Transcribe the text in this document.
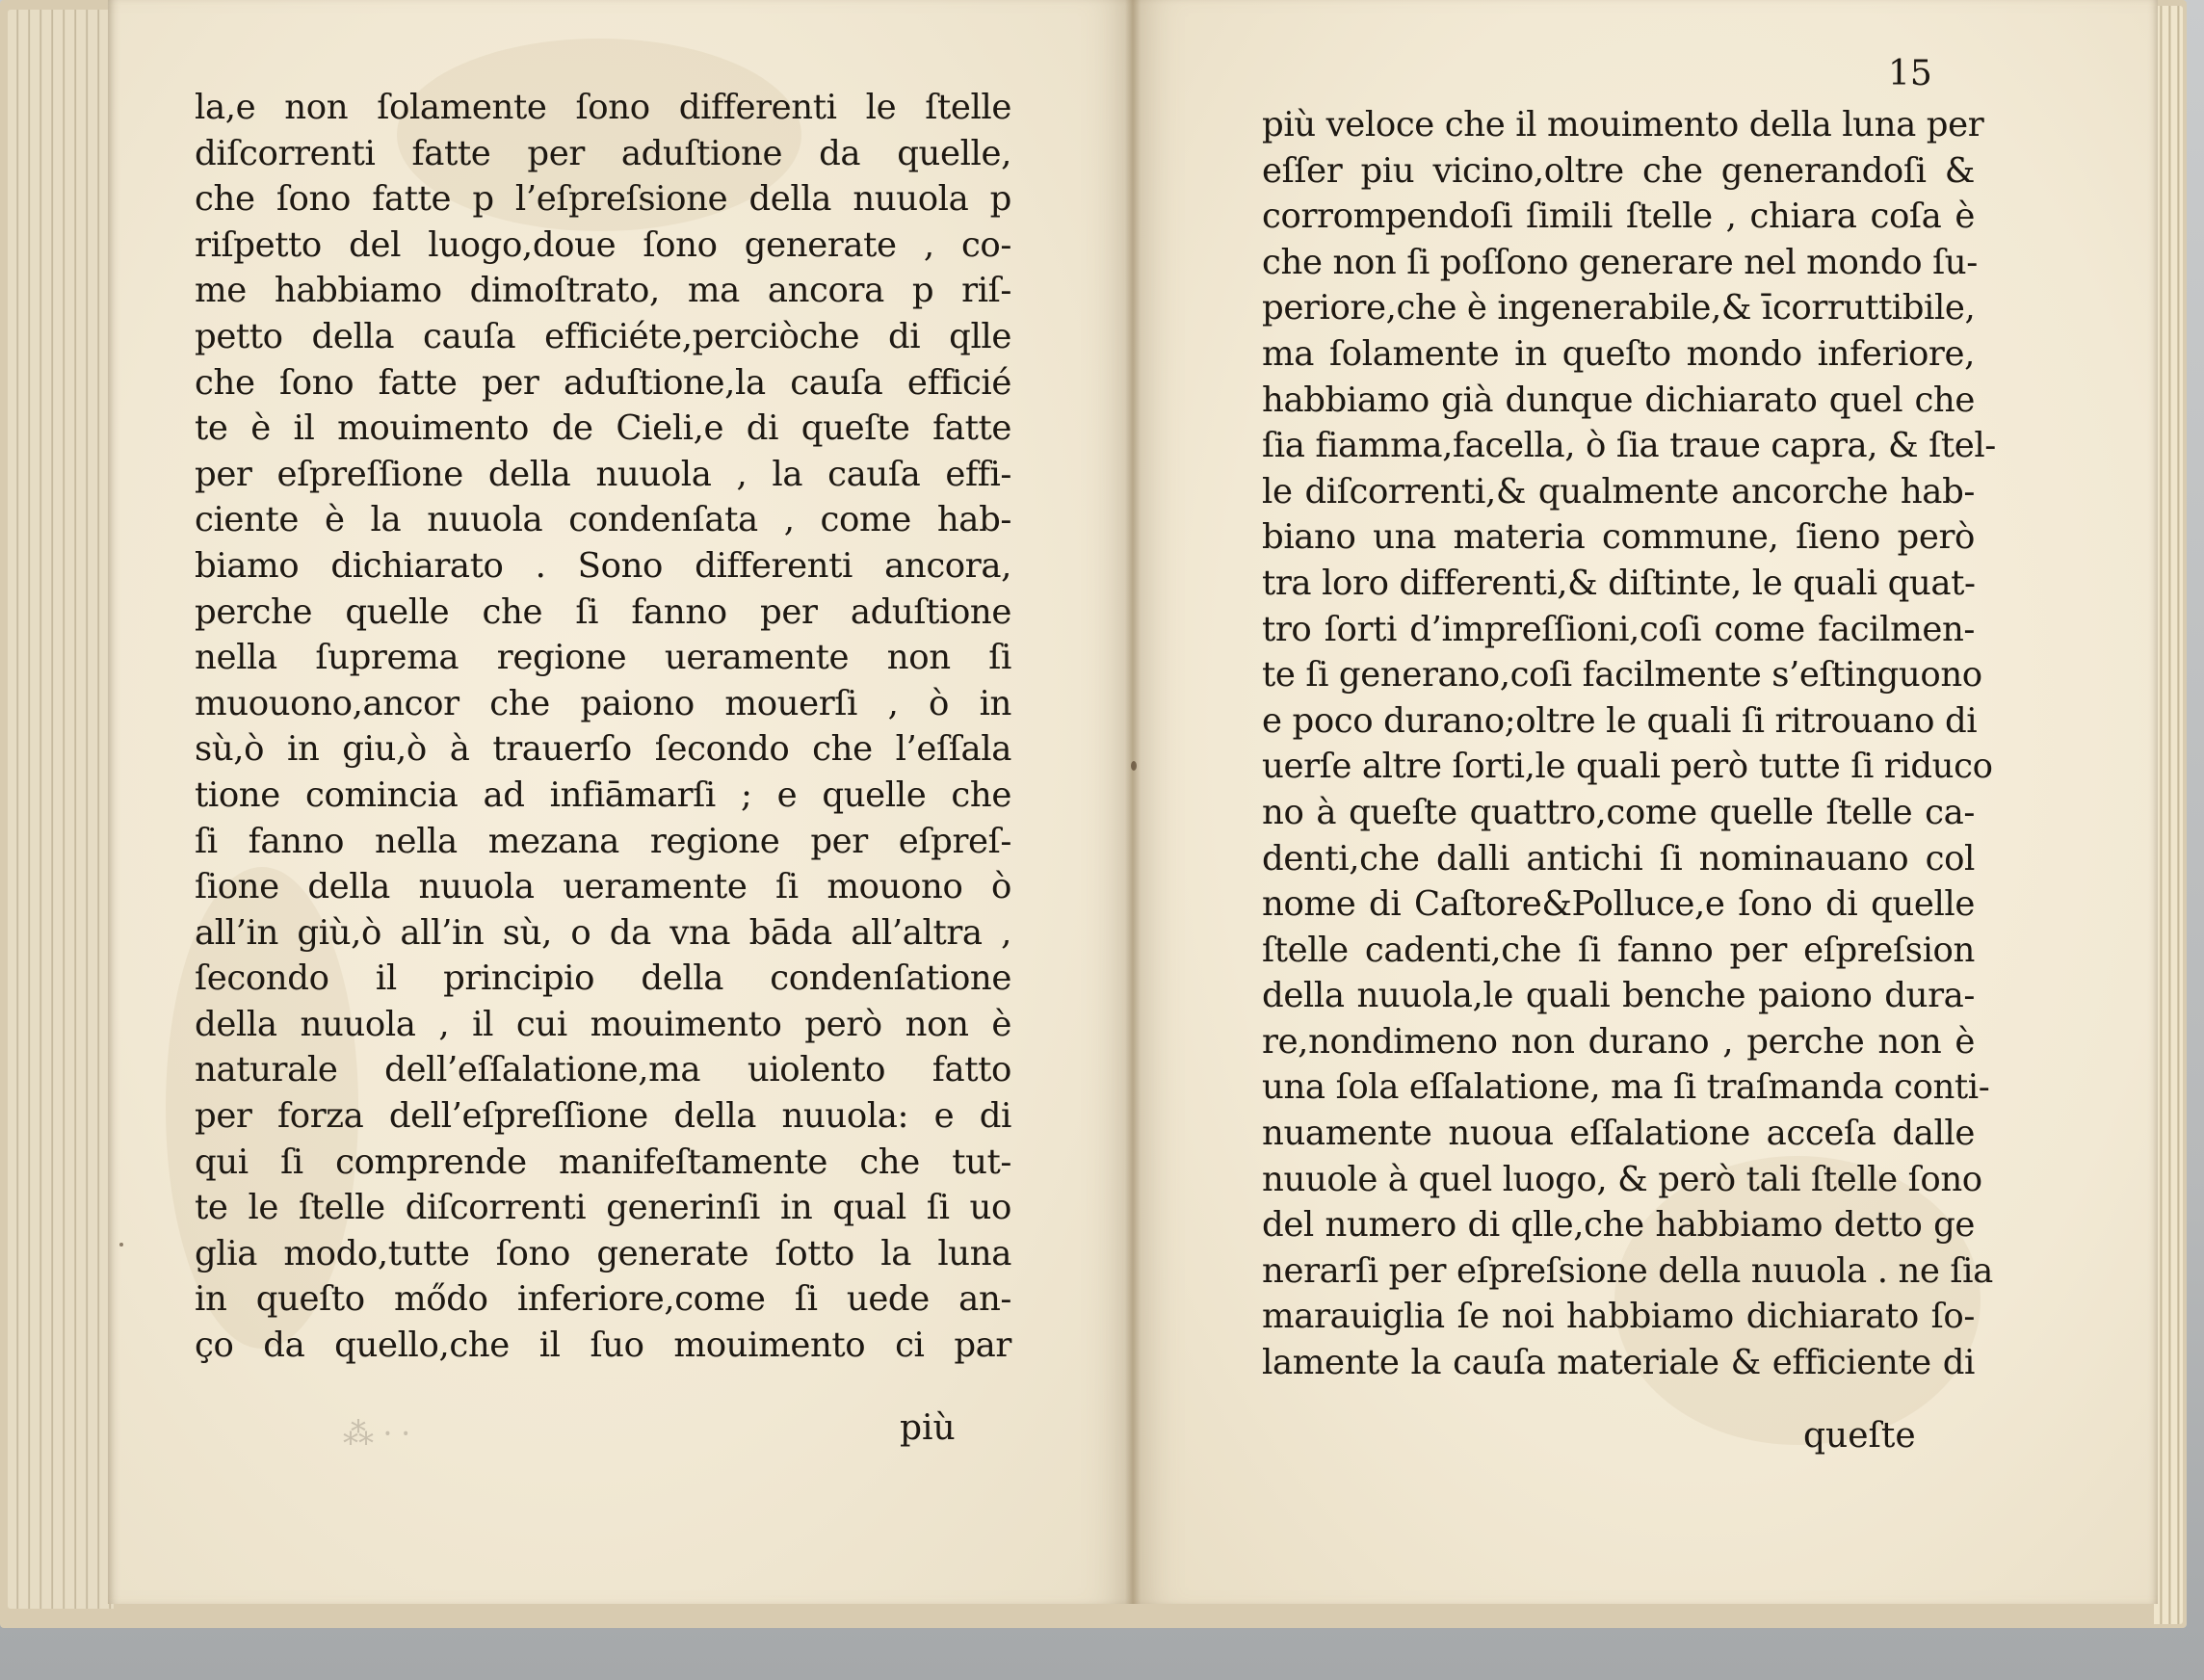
⁂ ⸱ ⸱
la,e non ſolamente ſono differenti le ſtelle
diſcorrenti fatte per aduſtione da quelle,
che ſono fatte p l’eſpreſsione della nuuola p
riſpetto del luogo,doue ſono generate , co-
me habbiamo dimoſtrato, ma ancora p riſ-
petto della cauſa efficiéte,perciòche di qlle
che ſono fatte per aduſtione,la cauſa efficié
te è il mouimento de Cieli,e di queſte fatte
per eſpreſſione della nuuola , la cauſa effi-
ciente è la nuuola condenſata , come hab-
biamo dichiarato . Sono differenti ancora,
perche quelle che ſi fanno per aduſtione
nella ſuprema regione ueramente non ſi
muouono,ancor che paiono mouerſi , ò in
sù,ò in giu,ò à trauerſo ſecondo che l’eſſala
tione comincia ad infiāmarſi ; e quelle che
ſi fanno nella mezana regione per eſpreſ-
ſione della nuuola ueramente ſi mouono ò
all’in giù,ò all’in sù, o da vna bāda all’altra ,
ſecondo il principio della condenſatione
della nuuola , il cui mouimento però non è
naturale dell’eſſalatione,ma uiolento fatto
per forza dell’eſpreſſione della nuuola: e di
qui ſi comprende manifeſtamente che tut-
te le ſtelle diſcorrenti generinſi in qual ſi uo
glia modo,tutte ſono generate ſotto la luna
in queſto mődo inferiore,come ſi uede an-
ço da quello,che il ſuo mouimento ci par
più
15
più veloce che il mouimento della luna per
eſſer piu vicino,oltre che generandoſi &
corrompendoſi ſimili ſtelle , chiara coſa è
che non ſi poſſono generare nel mondo ſu-
periore,che è ingenerabile,& īcorruttibile,
ma ſolamente in queſto mondo inferiore,
habbiamo già dunque dichiarato quel che
ſia fiamma,facella, ò ſia traue capra, & ſtel-
le diſcorrenti,& qualmente ancorche hab-
biano una materia commune, ſieno però
tra loro differenti,& diſtinte, le quali quat-
tro ſorti d’impreſſioni,coſi come facilmen-
te ſi generano,coſi facilmente s’eſtinguono
e poco durano;oltre le quali ſi ritrouano di
uerſe altre ſorti,le quali però tutte ſi riduco
no à queſte quattro,come quelle ſtelle ca-
denti,che dalli antichi ſi nominauano col
nome di Caſtore&Polluce,e ſono di quelle
ſtelle cadenti,che ſi fanno per eſpreſsion
della nuuola,le quali benche paiono dura-
re,nondimeno non durano , perche non è
una ſola eſſalatione, ma ſi traſmanda conti-
nuamente nuoua eſſalatione acceſa dalle
nuuole à quel luogo, & però tali ſtelle ſono
del numero di qlle,che habbiamo detto ge
nerarſi per eſpreſsione della nuuola . ne ſia
marauiglia ſe noi habbiamo dichiarato ſo-
lamente la cauſa materiale & efficiente di
queſte
